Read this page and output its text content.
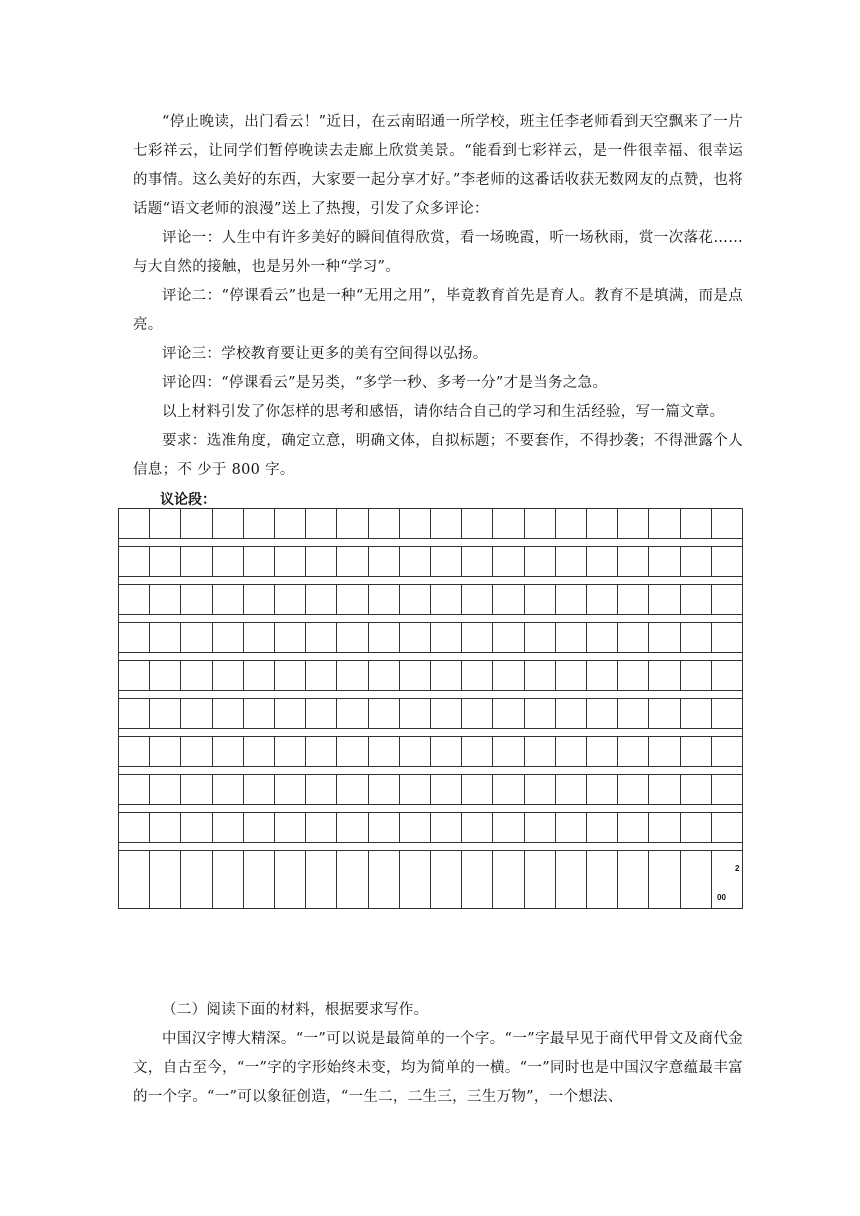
“停止晚读，出门看云！”近日，在云南昭通一所学校，班主任李老师看到天空飘来了一片七彩祥云，让同学们暂停晚读去走廊上欣赏美景。“能看到七彩祥云，是一件很幸福、很幸运的事情。这么美好的东西，大家要一起分享才好。”李老师的这番话收获无数网友的点赞，也将话题“语文老师的浪漫”送上了热搜，引发了众多评论：

评论一：人生中有许多美好的瞬间值得欣赏，看一场晚霞，听一场秋雨，赏一次落花……与大自然的接触，也是另外一种“学习”。

评论二：“停课看云”也是一种“无用之用”，毕竟教育首先是育人。教育不是填满，而是点亮。

评论三：学校教育要让更多的美有空间得以弘扬。

评论四：“停课看云”是另类，“多学一秒、多考一分”才是当务之急。

以上材料引发了你怎样的思考和感悟，请你结合自己的学习和生活经验，写一篇文章。

要求：选准角度，确定立意，明确文体，自拟标题；不要套作，不得抄袭；不得泄露个人信息；不 少于 800 字。

议论段：
2
00

（二）阅读下面的材料，根据要求写作。

中国汉字博大精深。“一”可以说是最简单的一个字。“一”字最早见于商代甲骨文及商代金文，自古至今，“一”字的字形始终未变，均为简单的一横。“一”同时也是中国汉字意蕴最丰富的一个字。“一”可以象征创造，“一生二，二生三，三生万物”，一个想法、
